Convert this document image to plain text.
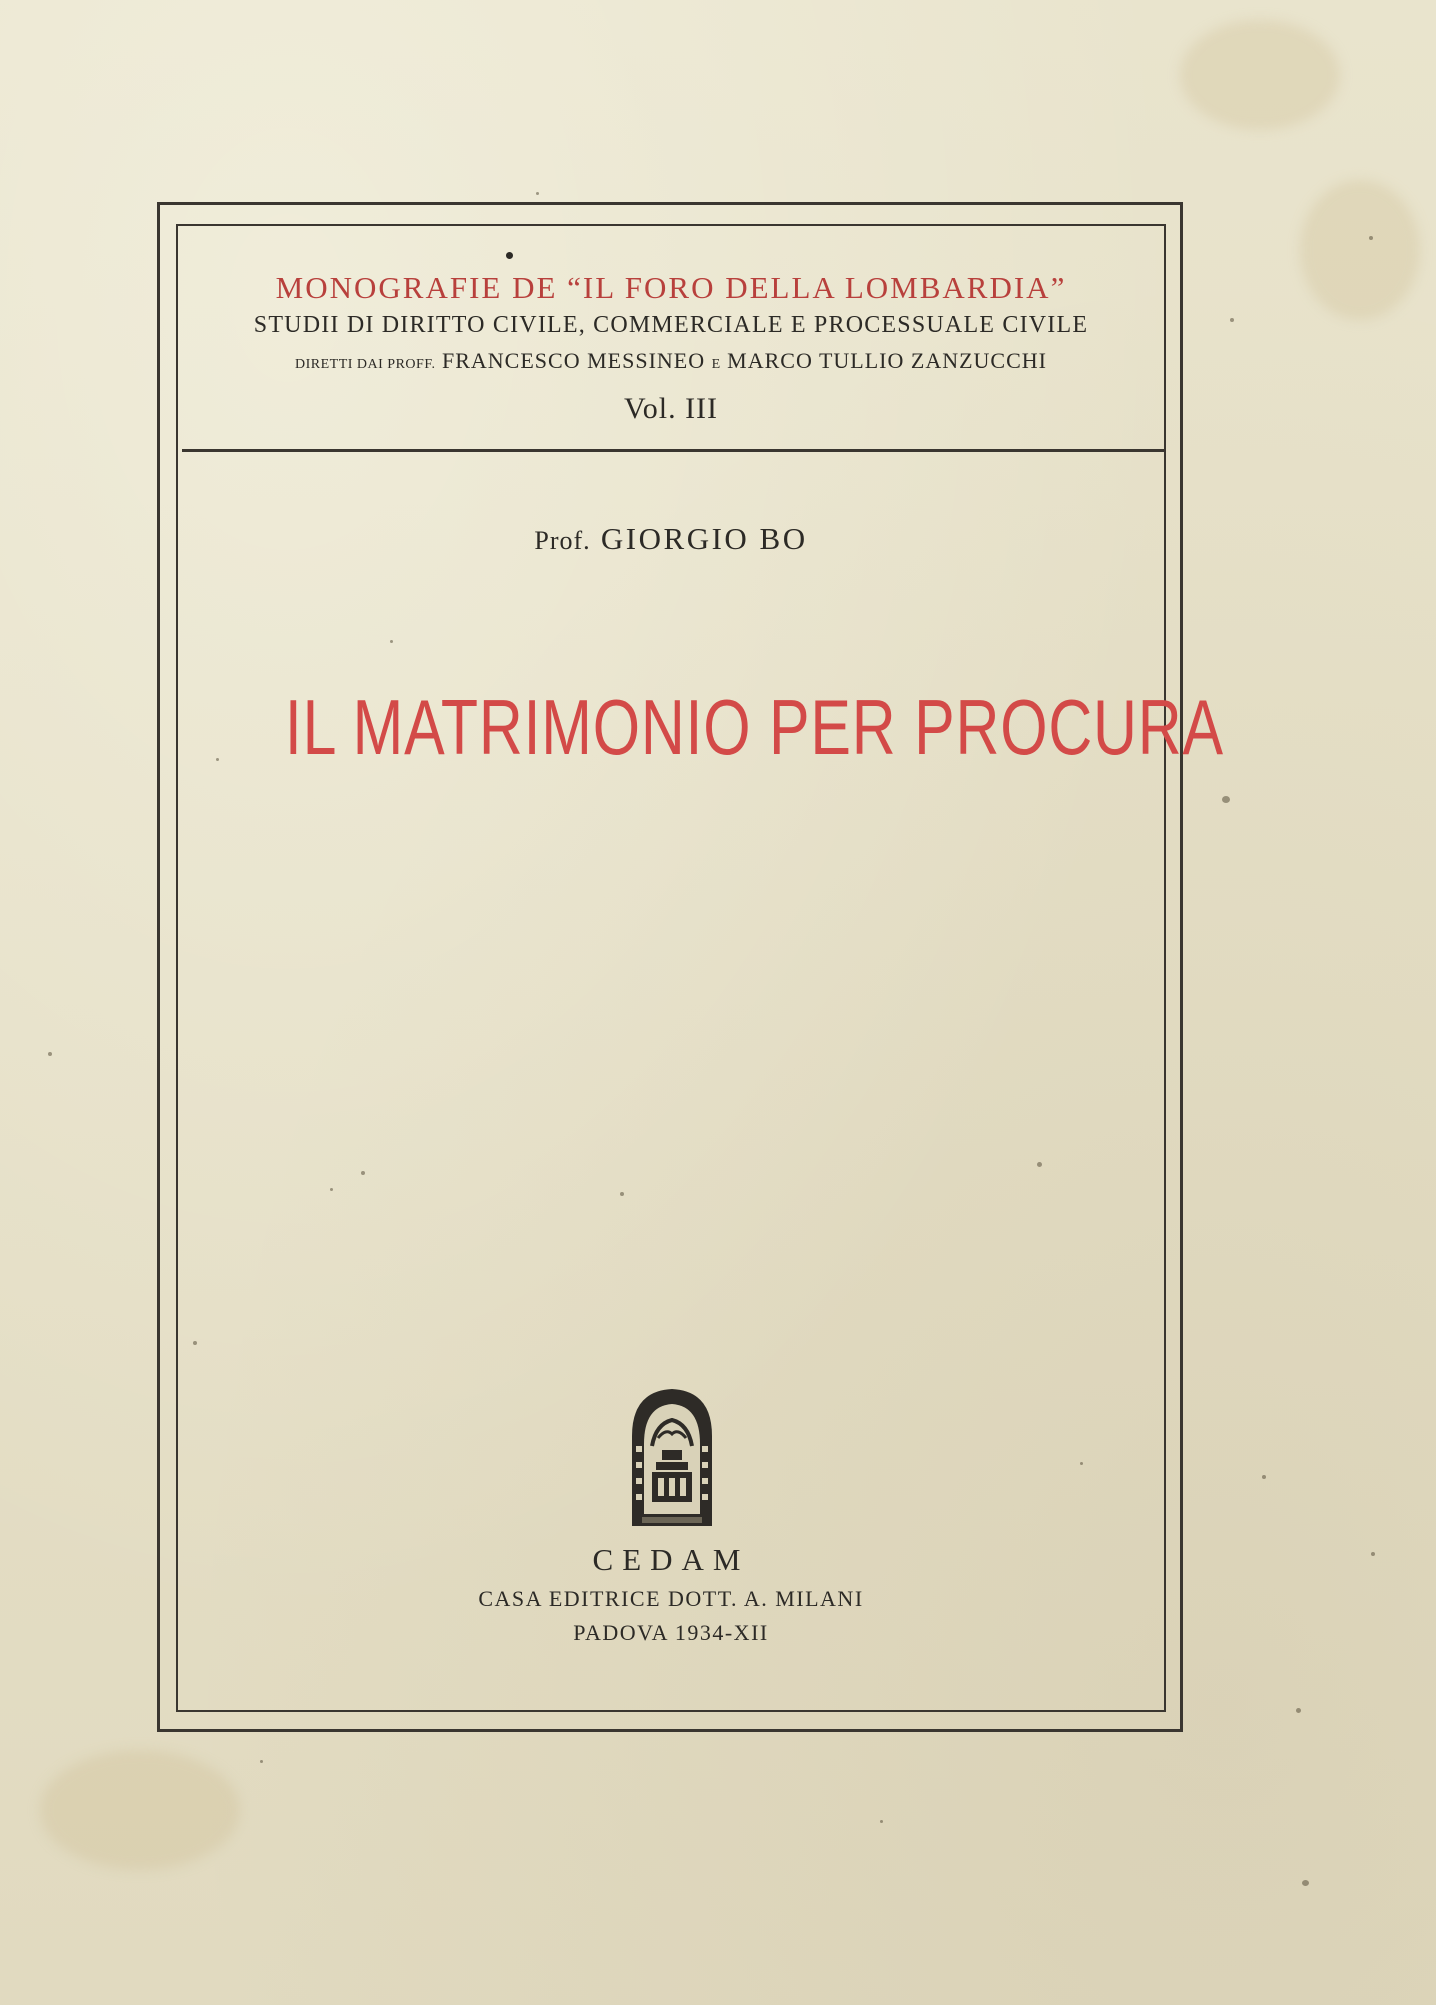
MONOGRAFIE DE “IL FORO DELLA LOMBARDIA”
STUDII DI DIRITTO CIVILE, COMMERCIALE E PROCESSUALE CIVILE
DIRETTI DAI PROFF. FRANCESCO MESSINEO E MARCO TULLIO ZANZUCCHI
Vol. III
Prof. GIORGIO BO
IL MATRIMONIO PER PROCURA
CEDAM
CASA EDITRICE DOTT. A. MILANI
PADOVA 1934-XII
